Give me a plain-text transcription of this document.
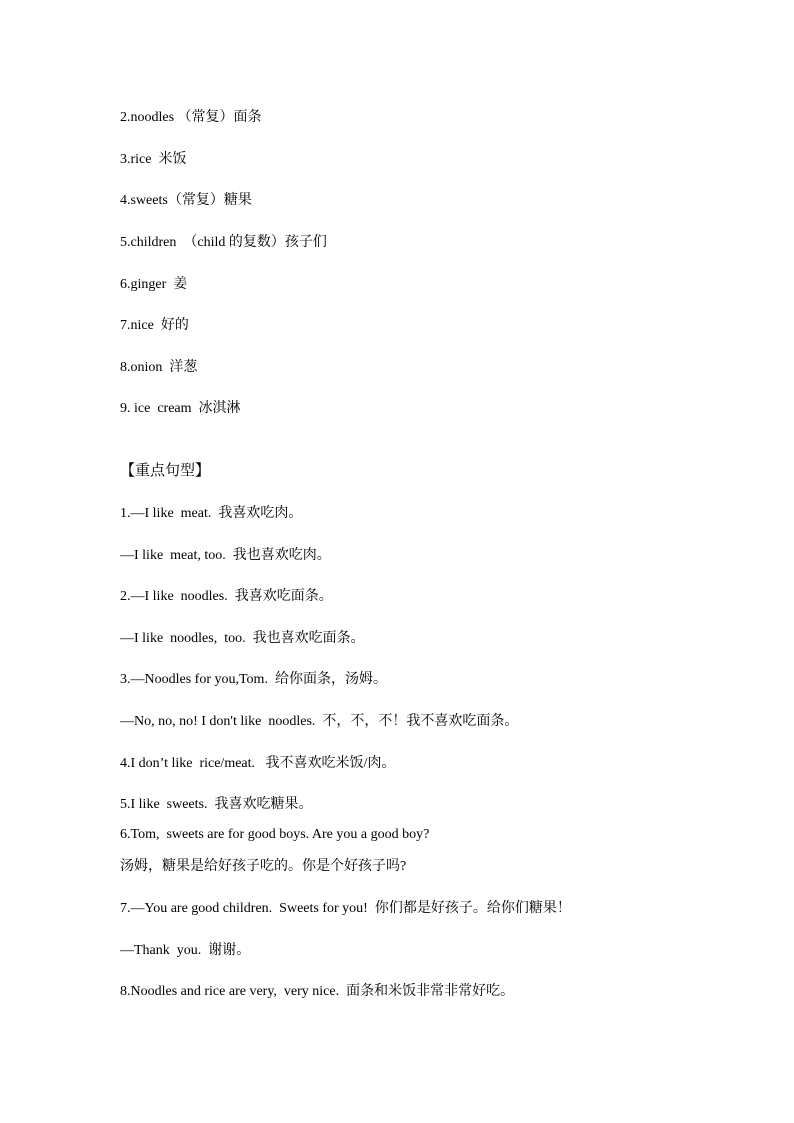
2.noodles （常复）面条

3.rice  米饭

4.sweets（常复）糖果

5.children  （child 的复数）孩子们

6.ginger  姜

7.nice  好的

8.onion  洋葱

9. ice  cream  冰淇淋

【重点句型】

1.—I like  meat.  我喜欢吃肉。

—I like  meat, too.  我也喜欢吃肉。

2.—I like  noodles.  我喜欢吃面条。

—I like  noodles,  too.  我也喜欢吃面条。

3.—Noodles for you,Tom.  给你面条，汤姆。

—No, no, no! I don't like  noodles.  不，不，不！我不喜欢吃面条。

4.I don’t like  rice/meat.   我不喜欢吃米饭/肉。

5.I like  sweets.  我喜欢吃糖果。

6.Tom,  sweets are for good boys. Are you a good boy?

汤姆，糖果是给好孩子吃的。你是个好孩子吗?

7.—You are good children.  Sweets for you!  你们都是好孩子。给你们糖果！

—Thank  you.  谢谢。

8.Noodles and rice are very,  very nice.  面条和米饭非常非常好吃。
